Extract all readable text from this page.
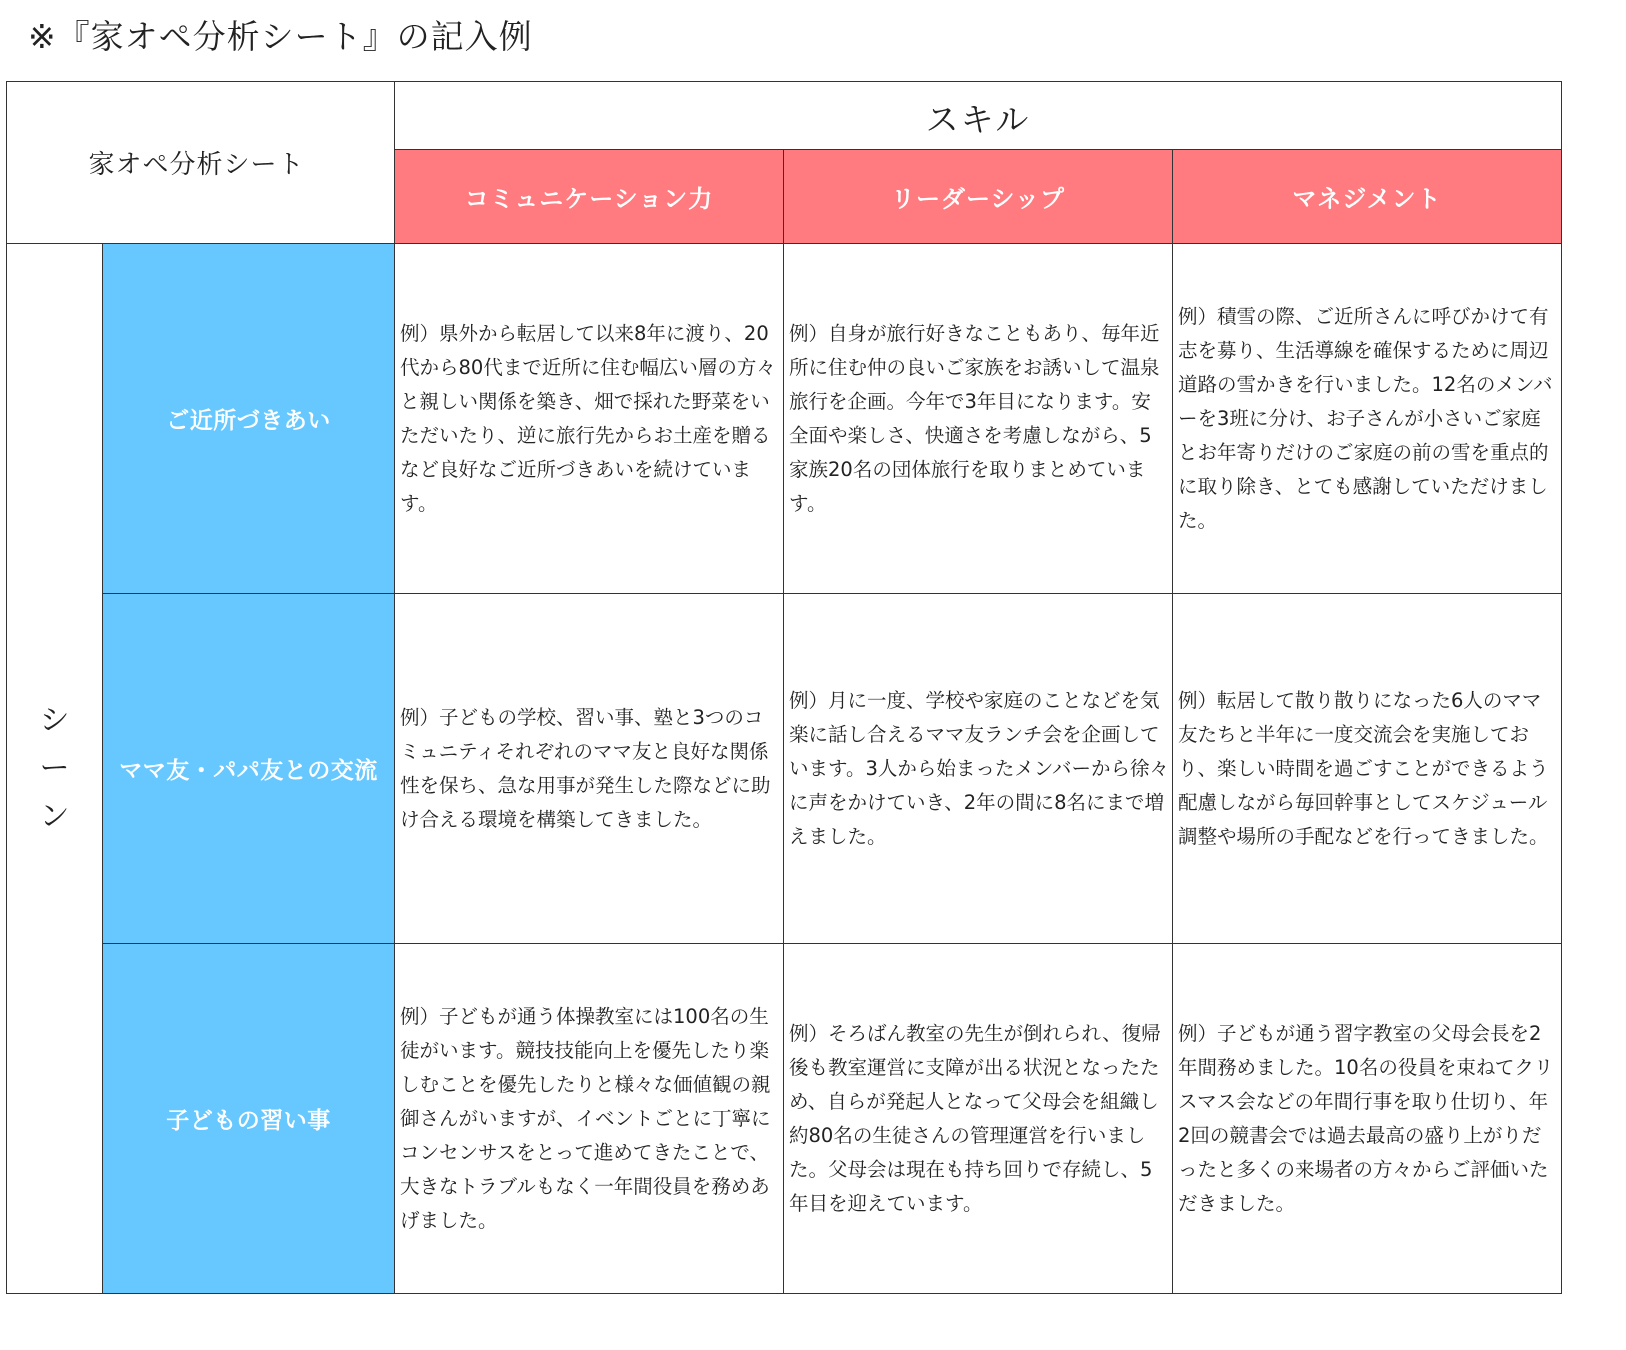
※『家オペ分析シート』の記入例
家オペ分析シート		スキル		
		コミュニケーション力	リーダーシップ	マネジメント
シーン	ご近所づきあい	例）県外から転居して以来8年に渡り、20代から80代まで近所に住む幅広い層の方々と親しい関係を築き、畑で採れた野菜をいただいたり、逆に旅行先からお土産を贈るなど良好なご近所づきあいを続けています。	例）自身が旅行好きなこともあり、毎年近所に住む仲の良いご家族をお誘いして温泉旅行を企画。今年で3年目になります。安全面や楽しさ、快適さを考慮しながら、5家族20名の団体旅行を取りまとめています。	例）積雪の際、ご近所さんに呼びかけて有志を募り、生活導線を確保するために周辺道路の雪かきを行いました。12名のメンバーを3班に分け、お子さんが小さいご家庭とお年寄りだけのご家庭の前の雪を重点的に取り除き、とても感謝していただけました。
	ママ友・パパ友との交流	例）子どもの学校、習い事、塾と3つのコミュニティそれぞれのママ友と良好な関係性を保ち、急な用事が発生した際などに助け合える環境を構築してきました。	例）月に一度、学校や家庭のことなどを気楽に話し合えるママ友ランチ会を企画しています。3人から始まったメンバーから徐々に声をかけていき、2年の間に8名にまで増えました。	例）転居して散り散りになった6人のママ友たちと半年に一度交流会を実施しており、楽しい時間を過ごすことができるよう配慮しながら毎回幹事としてスケジュール調整や場所の手配などを行ってきました。
	子どもの習い事	例）子どもが通う体操教室には100名の生徒がいます。競技技能向上を優先したり楽しむことを優先したりと様々な価値観の親御さんがいますが、イベントごとに丁寧にコンセンサスをとって進めてきたことで、大きなトラブルもなく一年間役員を務めあげました。	例）そろばん教室の先生が倒れられ、復帰後も教室運営に支障が出る状況となったため、自らが発起人となって父母会を組織し約80名の生徒さんの管理運営を行いました。父母会は現在も持ち回りで存続し、5年目を迎えています。	例）子どもが通う習字教室の父母会長を2年間務めました。10名の役員を束ねてクリスマス会などの年間行事を取り仕切り、年2回の競書会では過去最高の盛り上がりだったと多くの来場者の方々からご評価いただきました。
